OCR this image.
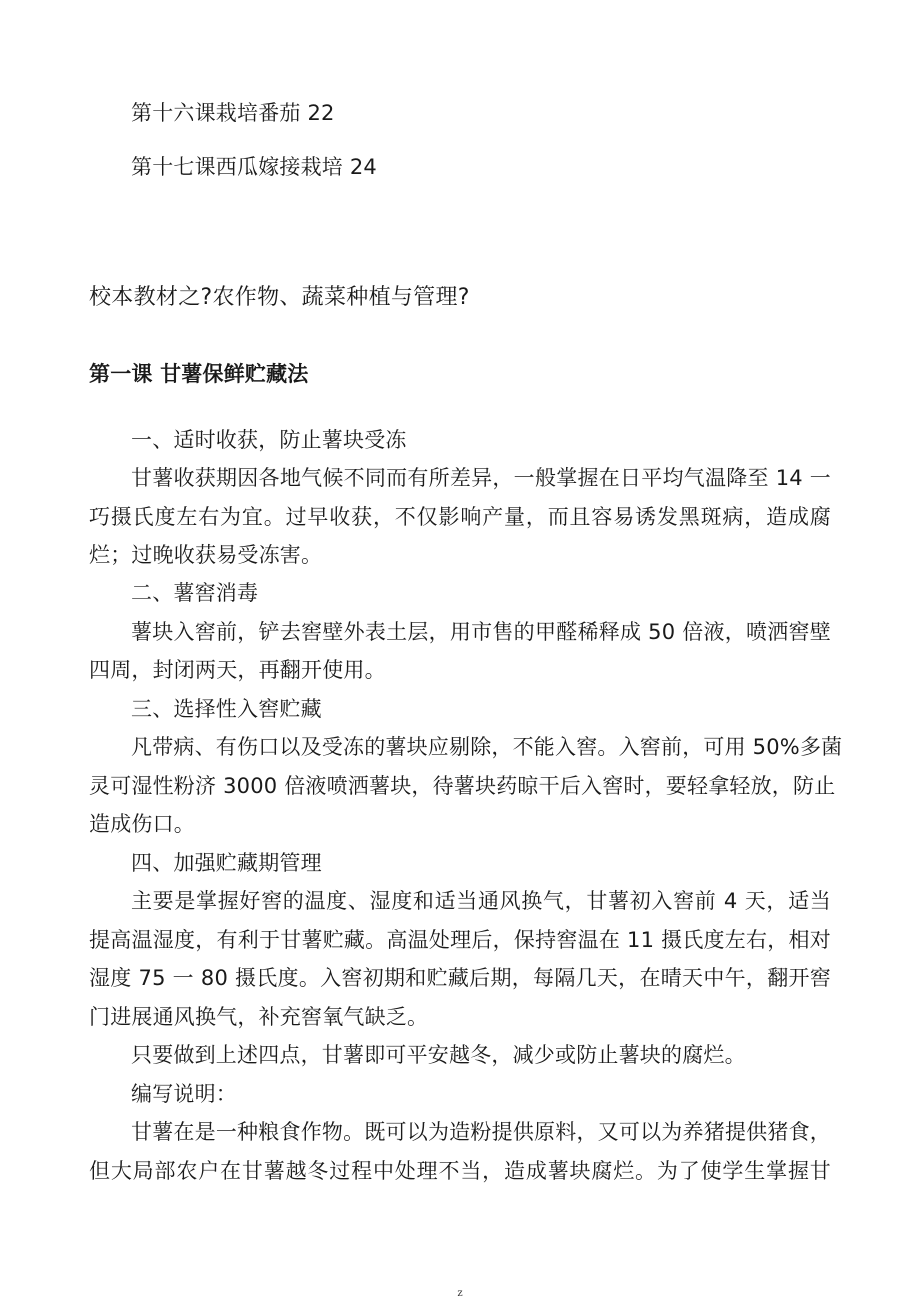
第十六课栽培番茄 22
第十七课西瓜嫁接栽培 24
校本教材之?农作物、蔬菜种植与管理?
第一课 甘薯保鲜贮藏法
一、适时收获，防止薯块受冻
甘薯收获期因各地气候不同而有所差异，一般掌握在日平均气温降至 14 一
巧摄氏度左右为宜。过早收获，不仅影响产量，而且容易诱发黑斑病，造成腐
烂；过晚收获易受冻害。
二、薯窖消毒
薯块入窖前，铲去窖壁外表土层，用市售的甲醛稀释成 50 倍液，喷洒窖壁
四周，封闭两天，再翻开使用。
三、选择性入窖贮藏
凡带病、有伤口以及受冻的薯块应剔除，不能入窖。入窖前，可用 50%多菌
灵可湿性粉济 3000 倍液喷洒薯块，待薯块药晾干后入窖时，要轻拿轻放，防止
造成伤口。
四、加强贮藏期管理
主要是掌握好窖的温度、湿度和适当通风换气，甘薯初入窖前 4 天，适当
提高温湿度，有利于甘薯贮藏。高温处理后，保持窖温在 11 摄氏度左右，相对
湿度 75 一 80 摄氏度。入窖初期和贮藏后期，每隔几天，在晴天中午，翻开窖
门进展通风换气，补充窖氧气缺乏。
只要做到上述四点，甘薯即可平安越冬，减少或防止薯块的腐烂。
编写说明：
甘薯在是一种粮食作物。既可以为造粉提供原料，又可以为养猪提供猪食，
但大局部农户在甘薯越冬过程中处理不当，造成薯块腐烂。为了使学生掌握甘
z
